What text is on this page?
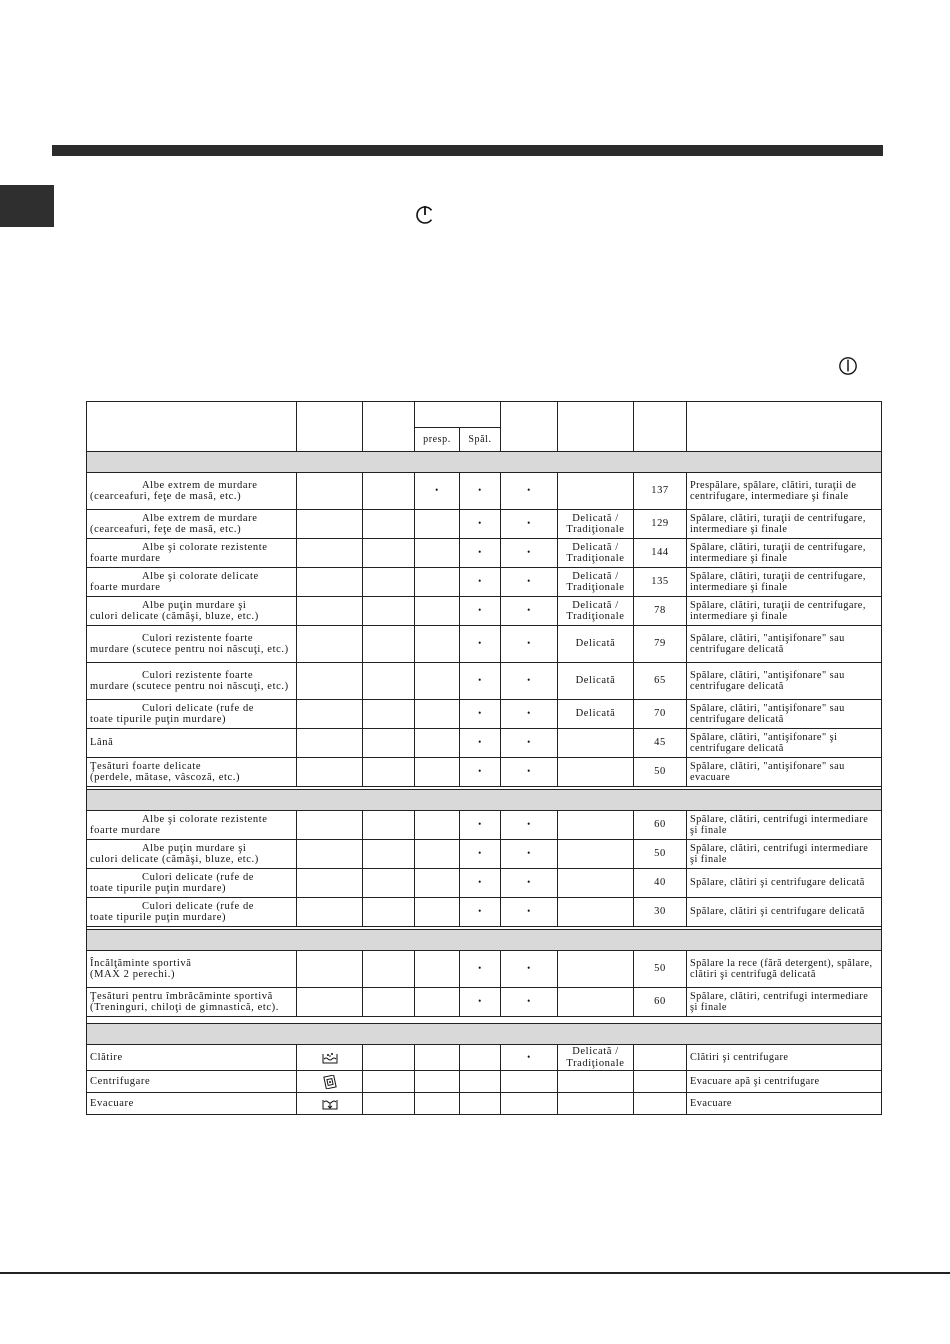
			presp.	Spăl.				

Albe extrem de murdare
(cearceafuri, feţe de masă, etc.)			•	•	•		137	Prespălare, spălare, clătiri, turaţii de centrifugare, intermediare şi finale
Albe extrem de murdare
(cearceafuri, feţe de masă, etc.)				•	•	Delicată / Tradiţionale	129	Spălare, clătiri, turaţii de centrifugare, intermediare şi finale
Albe şi colorate rezistente
foarte murdare				•	•	Delicată / Tradiţionale	144	Spălare, clătiri, turaţii de centrifugare, intermediare şi finale
Albe şi colorate delicate
foarte murdare				•	•	Delicată / Tradiţionale	135	Spălare, clătiri, turaţii de centrifugare, intermediare şi finale
Albe puţin murdare şi
culori delicate (cămăşi, bluze, etc.)				•	•	Delicată / Tradiţionale	78	Spălare, clătiri, turaţii de centrifugare, intermediare şi finale
Culori rezistente foarte
murdare (scutece pentru noi născuţi, etc.)				•	•	Delicată	79	Spălare, clătiri, "antişifonare" sau centrifugare delicată
Culori rezistente foarte
murdare (scutece pentru noi născuţi, etc.)				•	•	Delicată	65	Spălare, clătiri, "antişifonare" sau centrifugare delicată
Culori delicate (rufe de
toate tipurile puţin murdare)				•	•	Delicată	70	Spălare, clătiri, "antişifonare" sau centrifugare delicată
Lână				•	•		45	Spălare, clătiri, "antişifonare" şi centrifugare delicată
Ţesături foarte delicate
(perdele, mătase, vâscoză, etc.)				•	•		50	Spălare, clătiri, "antişifonare" sau evacuare

Albe şi colorate rezistente
foarte murdare				•	•		60	Spălare, clătiri, centrifugi intermediare şi finale
Albe puţin murdare şi
culori delicate (cămăşi, bluze, etc.)				•	•		50	Spălare, clătiri, centrifugi intermediare şi finale
Culori delicate (rufe de
toate tipurile puţin murdare)				•	•		40	Spălare, clătiri şi centrifugare delicată
Culori delicate (rufe de
toate tipurile puţin murdare)				•	•		30	Spălare, clătiri şi centrifugare delicată

Încălţăminte sportivă
(MAX 2 perechi.)				•	•		50	Spălare la rece (fără detergent), spălare, clătiri şi centrifugă delicată
Ţesături pentru îmbrăcăminte sportivă
(Treninguri, chiloţi de gimnastică, etc).				•	•		60	Spălare, clătiri, centrifugi intermediare şi finale

Clătire					•	Delicată / Tradiţionale		Clătiri şi centrifugare
Centrifugare								Evacuare apă şi centrifugare
Evacuare								Evacuare
